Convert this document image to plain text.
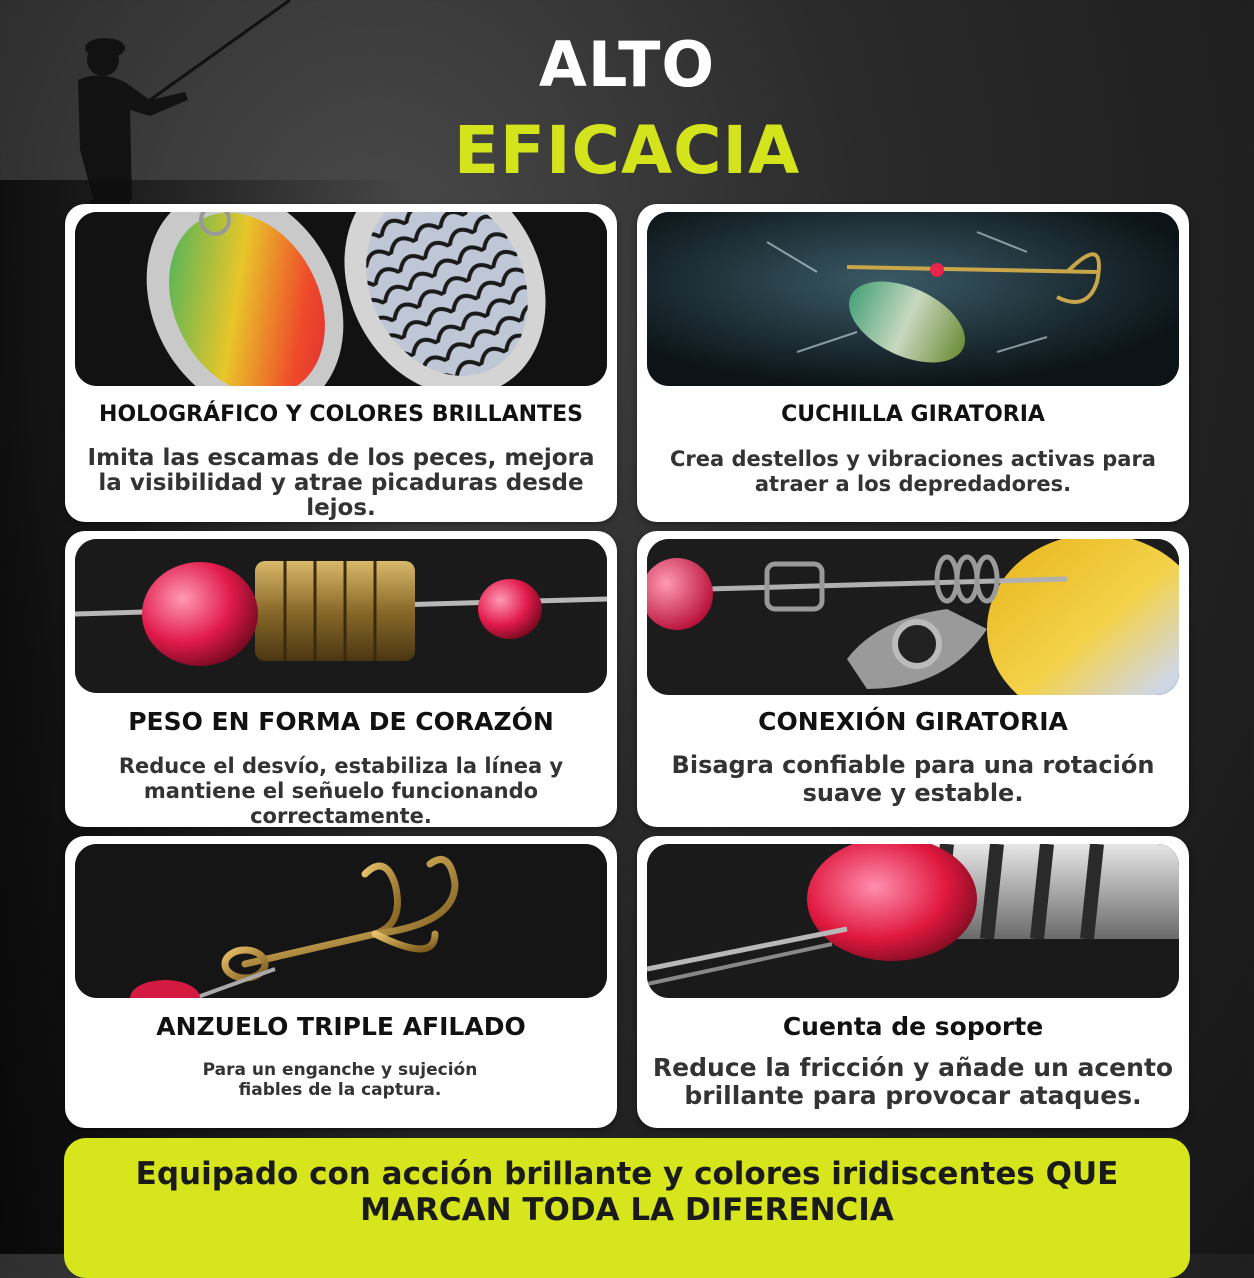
ALTO
EFICACIA
HOLOGRÁFICO Y COLORES BRILLANTES
Imita las escamas de los peces, mejora la visibilidad y atrae picaduras desde lejos.
CUCHILLA GIRATORIA
Crea destellos y vibraciones activas para atraer a los depredadores.
PESO EN FORMA DE CORAZÓN
Reduce el desvío, estabiliza la línea y mantiene el señuelo funcionando correctamente.
CONEXIÓN GIRATORIA
Bisagra confiable para una rotación suave y estable.
ANZUELO TRIPLE AFILADO
Para un enganche y sujeción fiables de la captura.
Cuenta de soporte
Reduce la fricción y añade un acento brillante para provocar ataques.
Equipado con acción brillante y colores iridiscentes QUE MARCAN TODA LA DIFERENCIA
